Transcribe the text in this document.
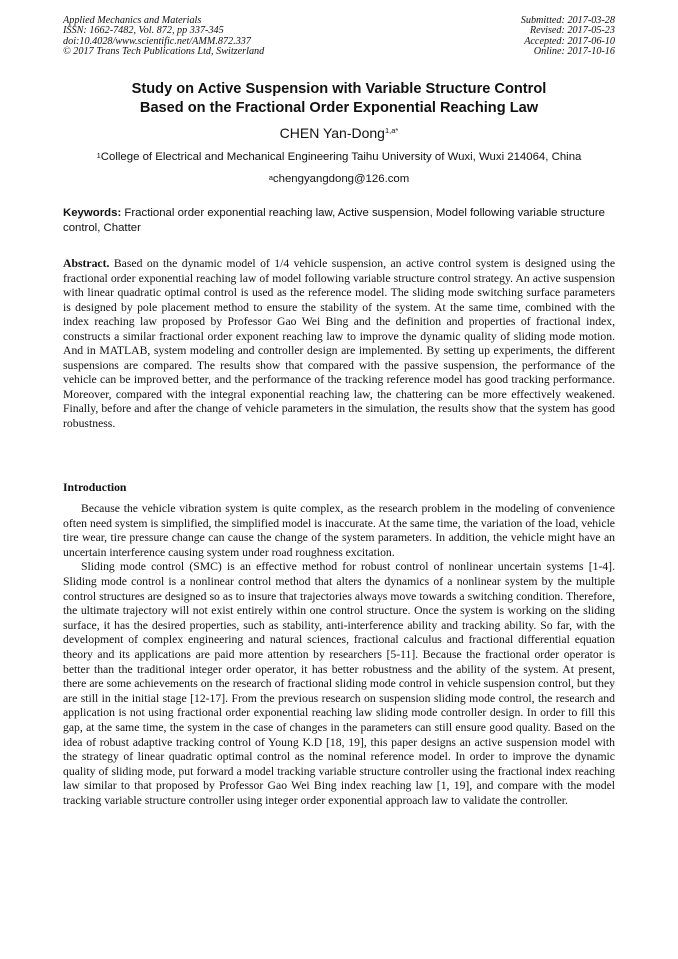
Applied Mechanics and Materials
ISSN: 1662-7482, Vol. 872, pp 337-345
doi:10.4028/www.scientific.net/AMM.872.337
© 2017 Trans Tech Publications Ltd, Switzerland
Submitted: 2017-03-28
Revised: 2017-05-23
Accepted: 2017-06-10
Online: 2017-10-16
Study on Active Suspension with Variable Structure Control
Based on the Fractional Order Exponential Reaching Law
CHEN Yan-Dong$^{1,a*}$
$^1$College of Electrical and Mechanical Engineering Taihu University of Wuxi, Wuxi 214064, China
$^a$chengyangdong@126.com
Keywords: Fractional order exponential reaching law, Active suspension, Model following variable structure control, Chatter
Abstract. Based on the dynamic model of 1/4 vehicle suspension, an active control system is designed using the fractional order exponential reaching law of model following variable structure control strategy. An active suspension with linear quadratic optimal control is used as the reference model. The sliding mode switching surface parameters is designed by pole placement method to ensure the stability of the system. At the same time, combined with the index reaching law proposed by Professor Gao Wei Bing and the definition and properties of fractional index, constructs a similar fractional order exponent reaching law to improve the dynamic quality of sliding mode motion. And in MATLAB, system modeling and controller design are implemented. By setting up experiments, the different suspensions are compared. The results show that compared with the passive suspension, the performance of the vehicle can be improved better, and the performance of the tracking reference model has good tracking performance. Moreover, compared with the integral exponential reaching law, the chattering can be more effectively weakened. Finally, before and after the change of vehicle parameters in the simulation, the results show that the system has good robustness.
Introduction

Because the vehicle vibration system is quite complex, as the research problem in the modeling of convenience often need system is simplified, the simplified model is inaccurate. At the same time, the variation of the load, vehicle tire wear, tire pressure change can cause the change of the system parameters. In addition, the vehicle might have an uncertain interference causing system under road roughness excitation.

Sliding mode control (SMC) is an effective method for robust control of nonlinear uncertain systems [1-4]. Sliding mode control is a nonlinear control method that alters the dynamics of a nonlinear system by the multiple control structures are designed so as to insure that trajectories always move towards a switching condition. Therefore, the ultimate trajectory will not exist entirely within one control structure. Once the system is working on the sliding surface, it has the desired properties, such as stability, anti-interference ability and tracking ability. So far, with the development of complex engineering and natural sciences, fractional calculus and fractional differential equation theory and its applications are paid more attention by researchers [5-11]. Because the fractional order operator is better than the traditional integer order operator, it has better robustness and the ability of the system. At present, there are some achievements on the research of fractional sliding mode control in vehicle suspension control, but they are still in the initial stage [12-17]. From the previous research on suspension sliding mode control, the research and application is not using fractional order exponential reaching law sliding mode controller design. In order to fill this gap, at the same time, the system in the case of changes in the parameters can still ensure good quality. Based on the idea of robust adaptive tracking control of Young K.D [18, 19], this paper designs an active suspension model with the strategy of linear quadratic optimal control as the nominal reference model. In order to improve the dynamic quality of sliding mode, put forward a model tracking variable structure controller using the fractional index reaching law similar to that proposed by Professor Gao Wei Bing index reaching law [1, 19], and compare with the model tracking variable structure controller using integer order exponential approach law to validate the controller.
